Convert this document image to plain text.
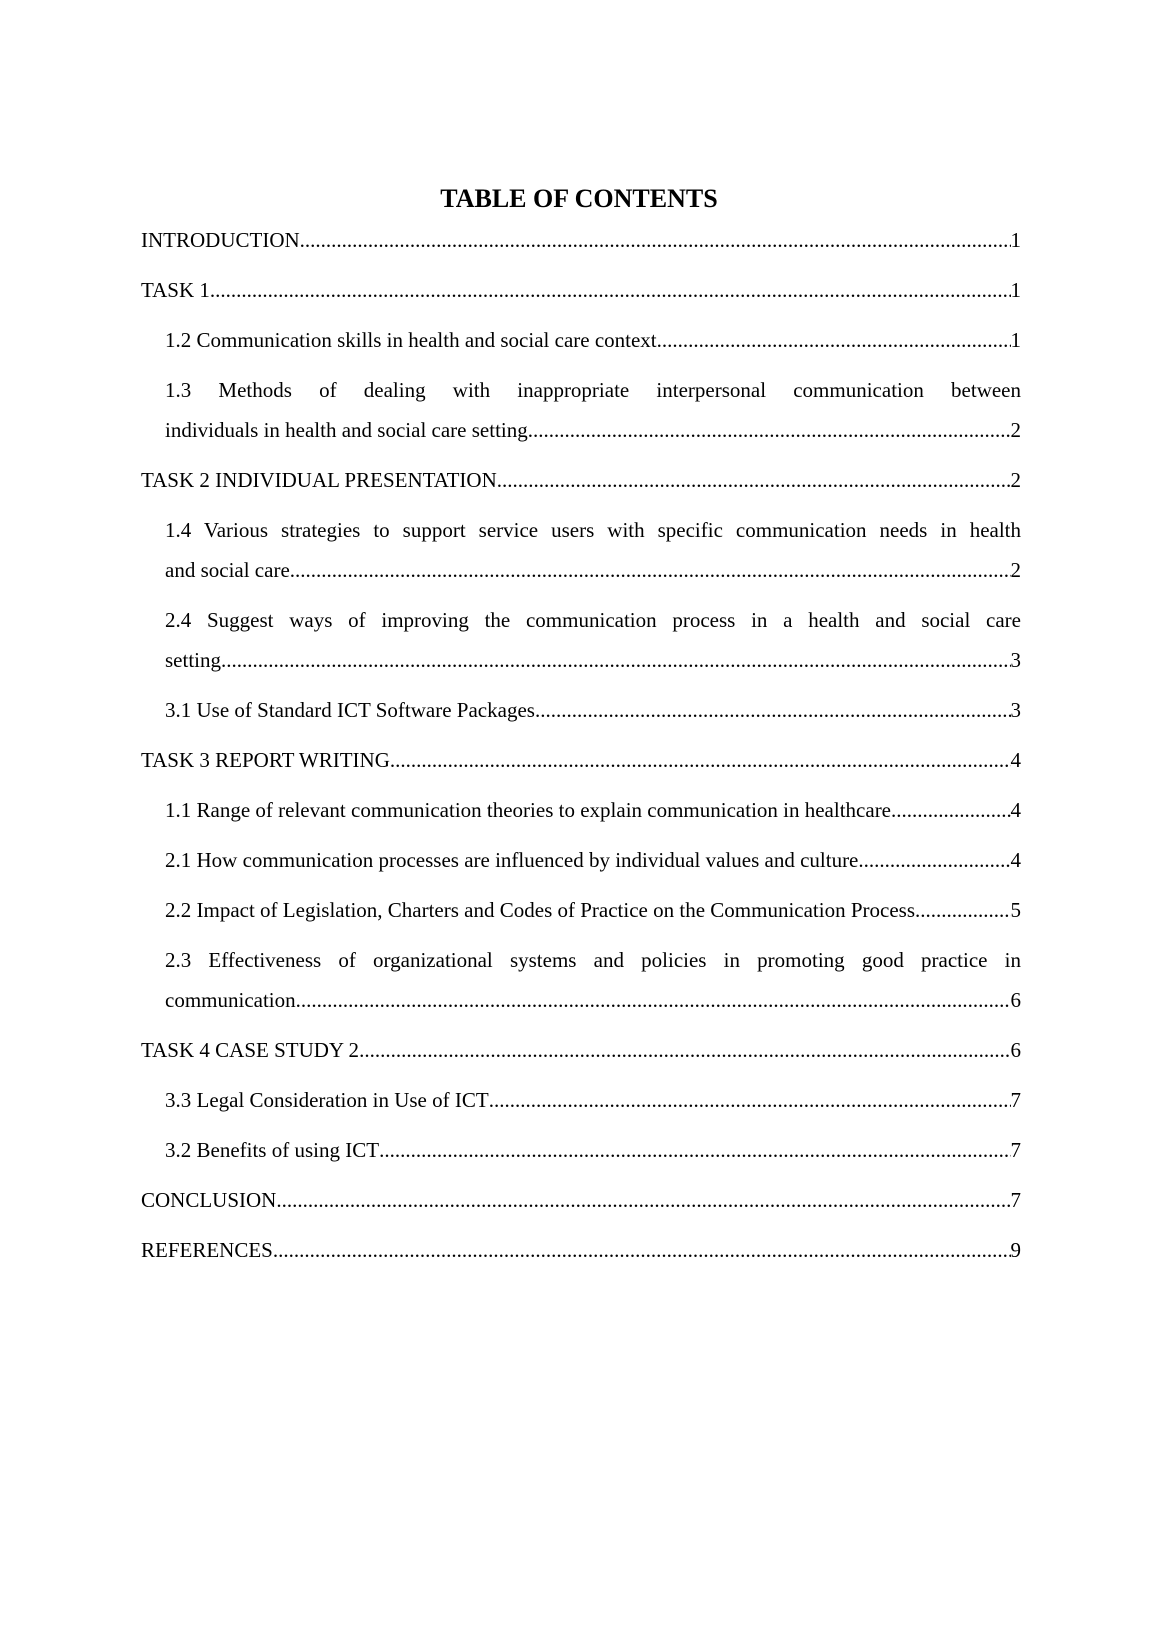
TABLE OF CONTENTS
INTRODUCTION .....	1
TASK 1 .....	1
1.2 Communication skills in health and social care context .....	1
1.3 Methods of dealing with inappropriate interpersonal communication between
individuals in health and social care setting .....	2
TASK 2 INDIVIDUAL PRESENTATION .....	2
1.4 Various strategies to support service users with specific communication needs in health
and social care .....	2
2.4 Suggest ways of improving the communication process in a health and social care
setting .....	3
3.1 Use of Standard ICT Software Packages .....	3
TASK 3 REPORT WRITING .....	4
1.1 Range of relevant communication theories to explain communication in healthcare .....	4
2.1 How communication processes are influenced by individual values and culture .....	4
2.2 Impact of Legislation, Charters and Codes of Practice on the Communication Process .....	5
2.3 Effectiveness of organizational systems and policies in promoting good practice in
communication .....	6
TASK 4 CASE STUDY 2 .....	6
3.3 Legal Consideration in Use of ICT .....	7
3.2 Benefits of using ICT .....	7
CONCLUSION .....	7
REFERENCES .....	9
